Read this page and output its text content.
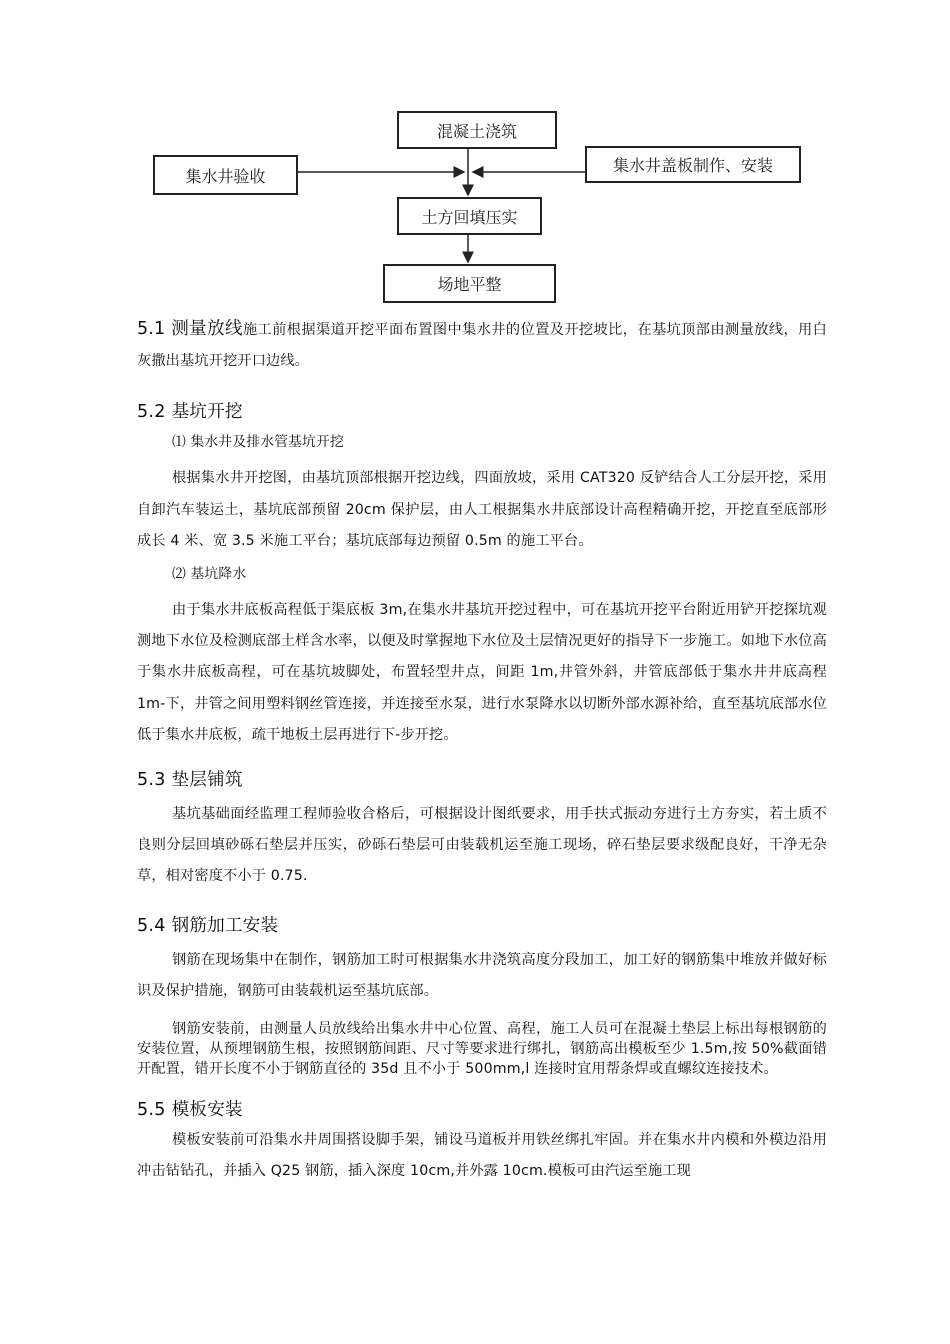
混凝土浇筑
集水井验收
集水井盖板制作、安装
土方回填压实
场地平整

5.1 测量放线施工前根据渠道开挖平面布置图中集水井的位置及开挖坡比，在基坑顶部由测量放线，用白灰撒出基坑开挖开口边线。

5.2 基坑开挖

⑴ 集水井及排水管基坑开挖

根据集水井开挖图，由基坑顶部根据开挖边线，四面放坡，采用 CAT320 反铲结合人工分层开挖，采用自卸汽车装运土，基坑底部预留 20cm 保护层，由人工根据集水井底部设计高程精确开挖，开挖直至底部形成长 4 米、宽 3.5 米施工平台；基坑底部每边预留 0.5m 的施工平台。

⑵ 基坑降水

由于集水井底板高程低于渠底板 3m,在集水井基坑开挖过程中，可在基坑开挖平台附近用铲开挖探坑观测地下水位及检测底部土样含水率，以便及时掌握地下水位及土层情况更好的指导下一步施工。如地下水位高于集水井底板高程，可在基坑坡脚处，布置轻型井点，间距 1m,井管外斜，井管底部低于集水井井底高程 1m-下，井管之间用塑料钢丝管连接，并连接至水泵，进行水泵降水以切断外部水源补给，直至基坑底部水位低于集水井底板，疏干地板土层再进行下-步开挖。

5.3 垫层铺筑

基坑基础面经监理工程师验收合格后，可根据设计图纸要求，用手扶式振动夯进行土方夯实，若土质不良则分层回填砂砾石垫层并压实，砂砾石垫层可由装载机运至施工现场，碎石垫层要求级配良好，干净无杂草，相对密度不小于 0.75.

5.4 钢筋加工安装

钢筋在现场集中在制作，钢筋加工时可根据集水井浇筑高度分段加工，加工好的钢筋集中堆放并做好标识及保护措施，钢筋可由装载机运至基坑底部。

钢筋安装前，由测量人员放线给出集水井中心位置、高程，施工人员可在混凝土垫层上标出每根钢筋的安装位置，从预埋钢筋生根，按照钢筋间距、尺寸等要求进行绑扎，钢筋高出模板至少 1.5m,按 50%截面错开配置，错开长度不小于钢筋直径的 35d 且不小于 500mm,l 连接时宜用帮条焊或直螺纹连接技术。

5.5 模板安装

模板安装前可沿集水井周围搭设脚手架，铺设马道板并用铁丝绑扎牢固。并在集水井内模和外模边沿用冲击钻钻孔，并插入 Q25 钢筋，插入深度 10cm,并外露 10cm.模板可由汽运至施工现
